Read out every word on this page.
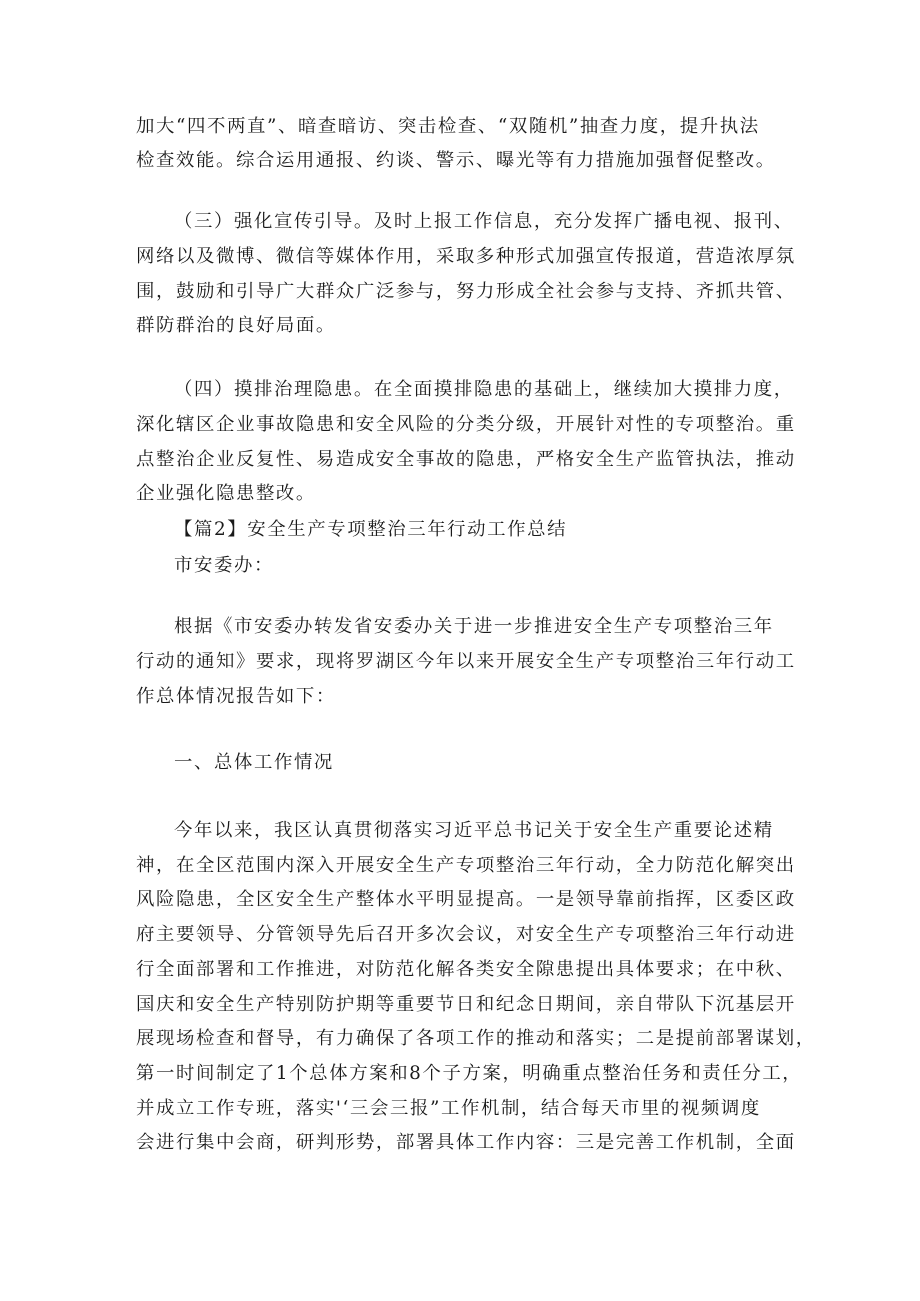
加大“四不两直”、暗查暗访、突击检查、“双随机”抽查力度，提升执法
检查效能。综合运用通报、约谈、警示、曝光等有力措施加强督促整改。
（三）强化宣传引导。及时上报工作信息，充分发挥广播电视、报刊、
网络以及微博、微信等媒体作用，采取多种形式加强宣传报道，营造浓厚氛
围，鼓励和引导广大群众广泛参与，努力形成全社会参与支持、齐抓共管、
群防群治的良好局面。
（四）摸排治理隐患。在全面摸排隐患的基础上，继续加大摸排力度，
深化辖区企业事故隐患和安全风险的分类分级，开展针对性的专项整治。重
点整治企业反复性、易造成安全事故的隐患，严格安全生产监管执法，推动
企业强化隐患整改。
【篇2】安全生产专项整治三年行动工作总结
市安委办：
根据《市安委办转发省安委办关于进一步推进安全生产专项整治三年
行动的通知》要求，现将罗湖区今年以来开展安全生产专项整治三年行动工
作总体情况报告如下：
一、总体工作情况
今年以来，我区认真贯彻落实习近平总书记关于安全生产重要论述精
神，在全区范围内深入开展安全生产专项整治三年行动，全力防范化解突出
风险隐患，全区安全生产整体水平明显提高。一是领导靠前指挥，区委区政
府主要领导、分管领导先后召开多次会议，对安全生产专项整治三年行动进
行全面部署和工作推进，对防范化解各类安全隙患提出具体要求；在中秋、
国庆和安全生产特别防护期等重要节日和纪念日期间，亲自带队下沉基层开
展现场检查和督导，有力确保了各项工作的推动和落实；二是提前部署谋划，
第一时间制定了1个总体方案和8个子方案，明确重点整治任务和责任分工，
并成立工作专班，落实'‘三会三报”工作机制，结合每天市里的视频调度
会进行集中会商，研判形势，部署具体工作内容：三是完善工作机制，全面
